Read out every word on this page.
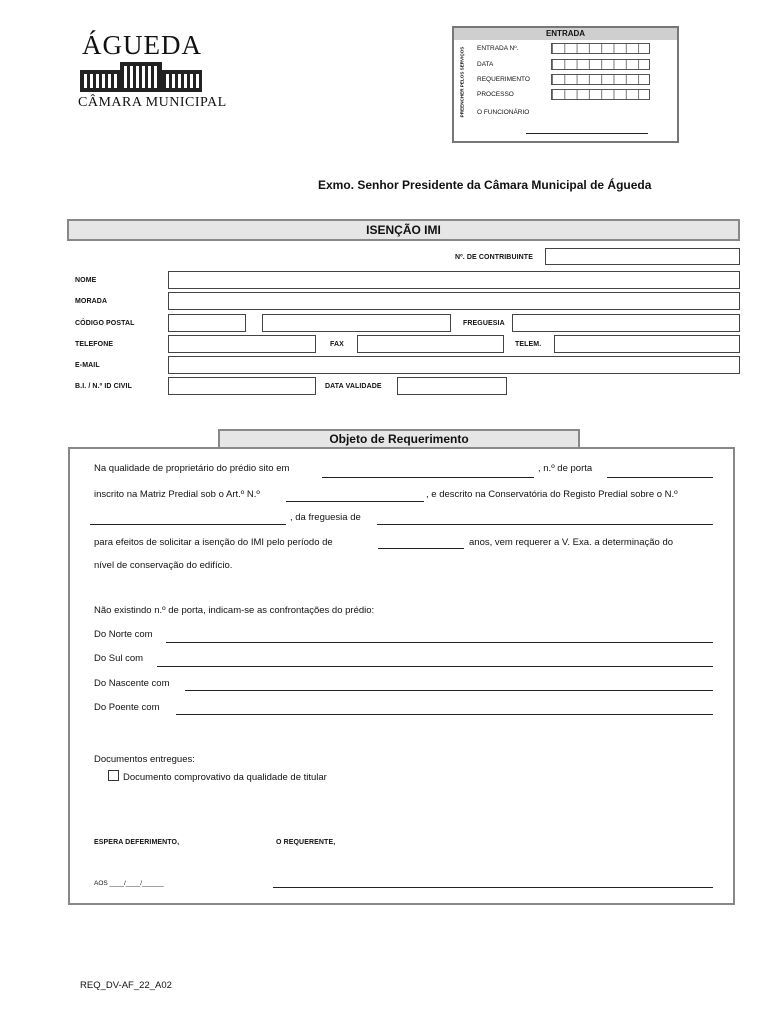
ÁGUEDA
CÂMARA MUNICIPAL
ENTRADA
PREENCHER PELOS SERVIÇOS ENTRADA Nº.
DATA
REQUERIMENTO
PROCESSO
O FUNCIONÁRIO
Exmo. Senhor Presidente da Câmara Municipal de Águeda
ISENÇÃO IMI
Nº. DE CONTRIBUINTE
NOME
MORADA
CÓDIGO POSTAL	FREGUESIA
TELEFONE	FAX	TELEM.
E-MAIL
B.I. / N.º ID CIVIL	DATA VALIDADE
Objeto de Requerimento
Na qualidade de proprietário do prédio sito em	, n.º de porta
inscrito na Matriz Predial sob o Art.º N.º	, e descrito na Conservatória do Registo Predial sobre o N.º
, da freguesia de
para efeitos de solicitar a isenção do IMI pelo período de	anos, vem requerer a V. Exa. a determinação do
nível de conservação do edifício.
Não existindo n.º de porta, indicam-se as confrontações do prédio:
Do Norte com
Do Sul com
Do Nascente com
Do Poente com
Documentos entregues:
Documento comprovativo da qualidade de titular
ESPERA DEFERIMENTO,	O REQUERENTE,
AOS ____/____/______
REQ_DV-AF_22_A02
